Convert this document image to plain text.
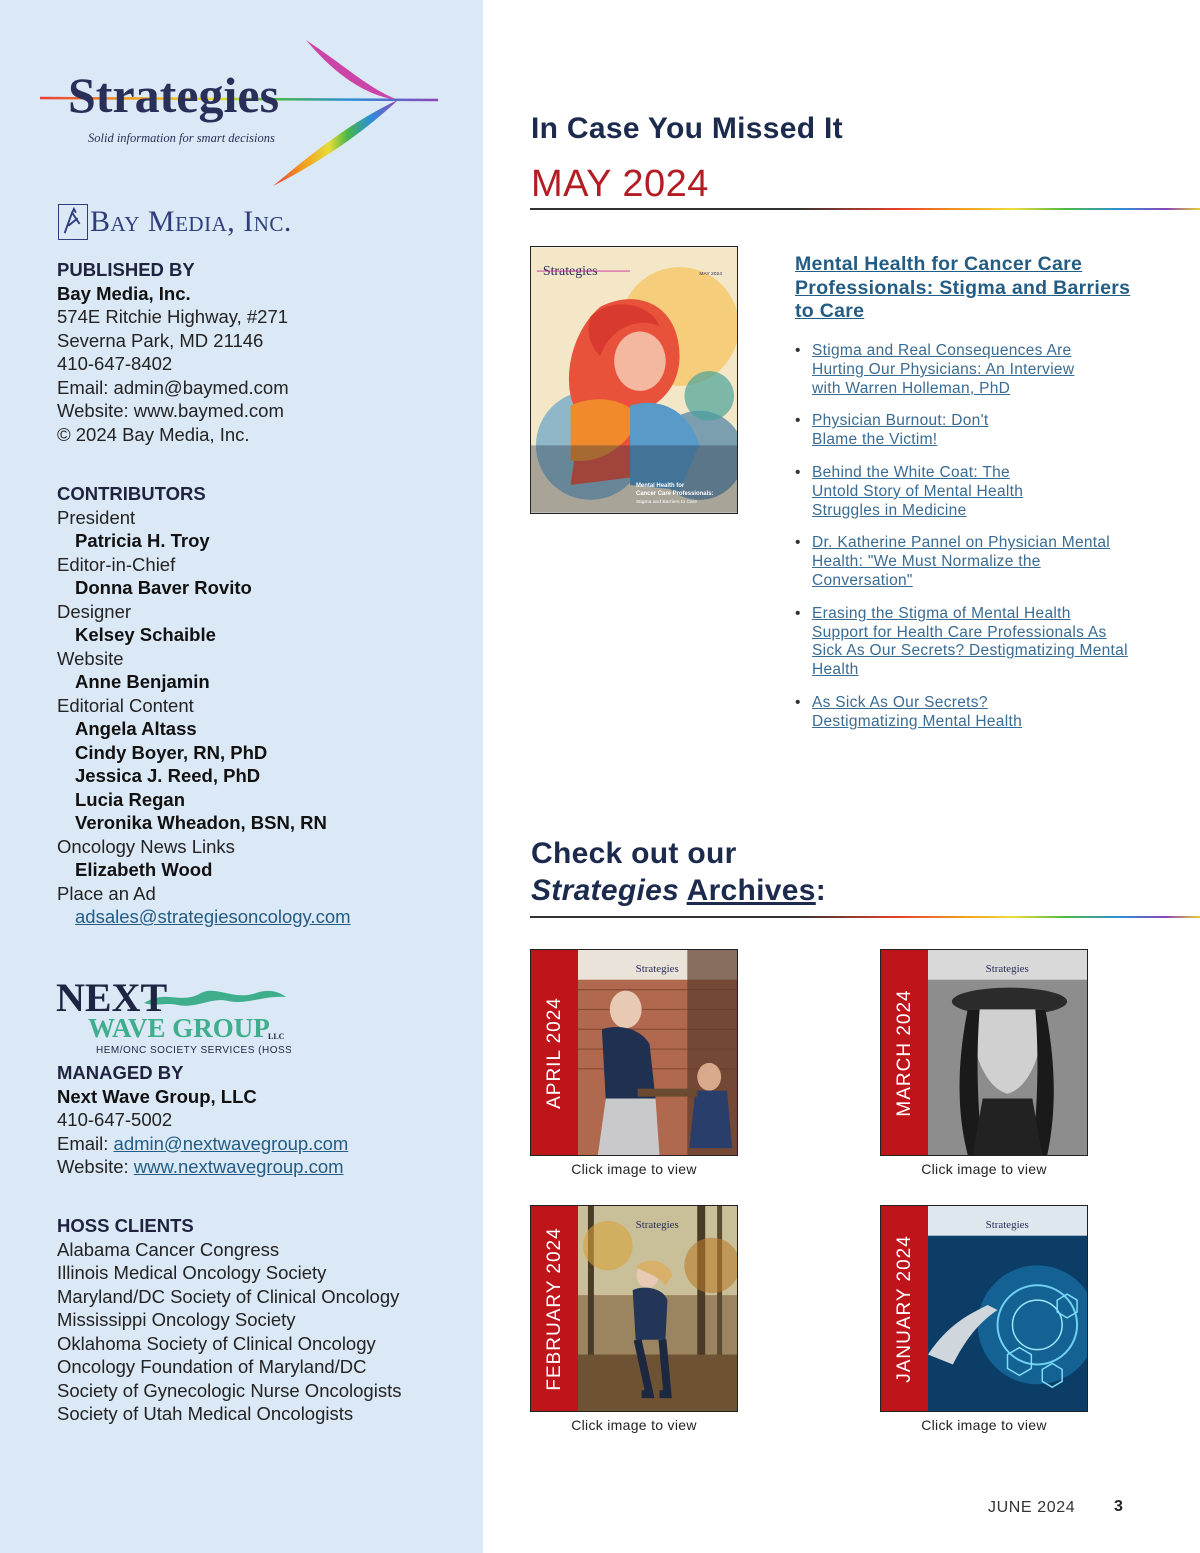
Strategies
Solid information for smart decisions
Bay Media, Inc.
PUBLISHED BY
Bay Media, Inc.
574E Ritchie Highway, #271
Severna Park, MD 21146
410-647-8402
Email: admin@baymed.com
Website: www.baymed.com
© 2024 Bay Media, Inc.
CONTRIBUTORS
President
Patricia H. Troy
Editor-in-Chief
Donna Baver Rovito
Designer
Kelsey Schaible
Website
Anne Benjamin
Editorial Content
Angela Altass
Cindy Boyer, RN, PhD
Jessica J. Reed, PhD
Lucia Regan
Veronika Wheadon, BSN, RN
Oncology News Links
Elizabeth Wood
Place an Ad
adsales@strategiesoncology.com
NEXT
WAVE GROUP
LLC
HEM/ONC SOCIETY SERVICES (HOSS)
MANAGED BY
Next Wave Group, LLC
410-647-5002
Email: admin@nextwavegroup.com
Website: www.nextwavegroup.com
HOSS CLIENTS
Alabama Cancer Congress
Illinois Medical Oncology Society
Maryland/DC Society of Clinical Oncology
Mississippi Oncology Society
Oklahoma Society of Clinical Oncology
Oncology Foundation of Maryland/DC
Society of Gynecologic Nurse Oncologists
Society of Utah Medical Oncologists
In Case You Missed It
MAY 2024
Strategies	MAY 2024
Mental Health for
Cancer Care Professionals:
Stigma and Barriers to Care
Mental Health for Cancer Care Professionals: Stigma and Barriers to Care
• Stigma and Real Consequences Are Hurting Our Physicians: An Interview with Warren Holleman, PhD
• Physician Burnout: Don't Blame the Victim!
• Behind the White Coat: The Untold Story of Mental Health Struggles in Medicine
• Dr. Katherine Pannel on Physician Mental Health: "We Must Normalize the Conversation"
• Erasing the Stigma of Mental Health Support for Health Care Professionals As Sick As Our Secrets? Destigmatizing Mental Health
• As Sick As Our Secrets? Destigmatizing Mental Health
Check out our
Strategies Archives:
APRIL 2024
Strategies
Click image to view
MARCH 2024
Strategies
Click image to view
FEBRUARY 2024
Strategies
Click image to view
JANUARY 2024
Strategies
Click image to view
JUNE 2024 3
